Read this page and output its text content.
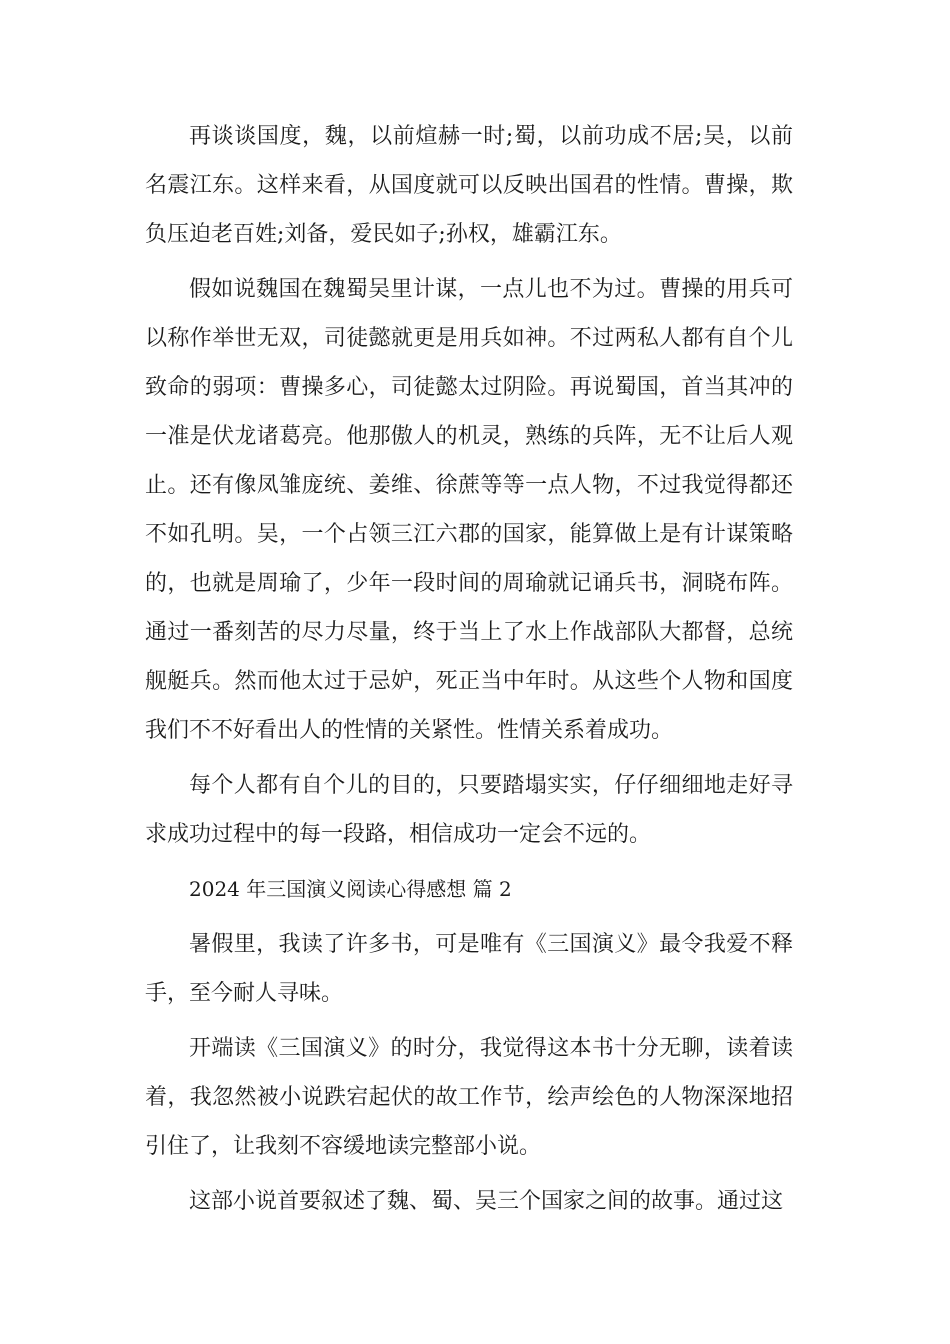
再谈谈国度，魏，以前煊赫一时;蜀，以前功成不居;吴，以前名震江东。这样来看，从国度就可以反映出国君的性情。曹操，欺负压迫老百姓;刘备，爱民如子;孙权，雄霸江东。

假如说魏国在魏蜀吴里计谋，一点儿也不为过。曹操的用兵可以称作举世无双，司徒懿就更是用兵如神。不过两私人都有自个儿致命的弱项：曹操多心，司徒懿太过阴险。再说蜀国，首当其冲的一准是伏龙诸葛亮。他那傲人的机灵，熟练的兵阵，无不让后人观止。还有像凤雏庞统、姜维、徐蔗等等一点人物，不过我觉得都还不如孔明。吴，一个占领三江六郡的国家，能算做上是有计谋策略的，也就是周瑜了，少年一段时间的周瑜就记诵兵书，洞晓布阵。通过一番刻苦的尽力尽量，终于当上了水上作战部队大都督，总统舰艇兵。然而他太过于忌妒，死正当中年时。从这些个人物和国度我们不不好看出人的性情的关紧性。性情关系着成功。

每个人都有自个儿的目的，只要踏塌实实，仔仔细细地走好寻求成功过程中的每一段路，相信成功一定会不远的。

2024 年三国演义阅读心得感想 篇 2

暑假里，我读了许多书，可是唯有《三国演义》最令我爱不释手，至今耐人寻味。

开端读《三国演义》的时分，我觉得这本书十分无聊，读着读着，我忽然被小说跌宕起伏的故工作节，绘声绘色的人物深深地招引住了，让我刻不容缓地读完整部小说。

这部小说首要叙述了魏、蜀、吴三个国家之间的故事。通过这
